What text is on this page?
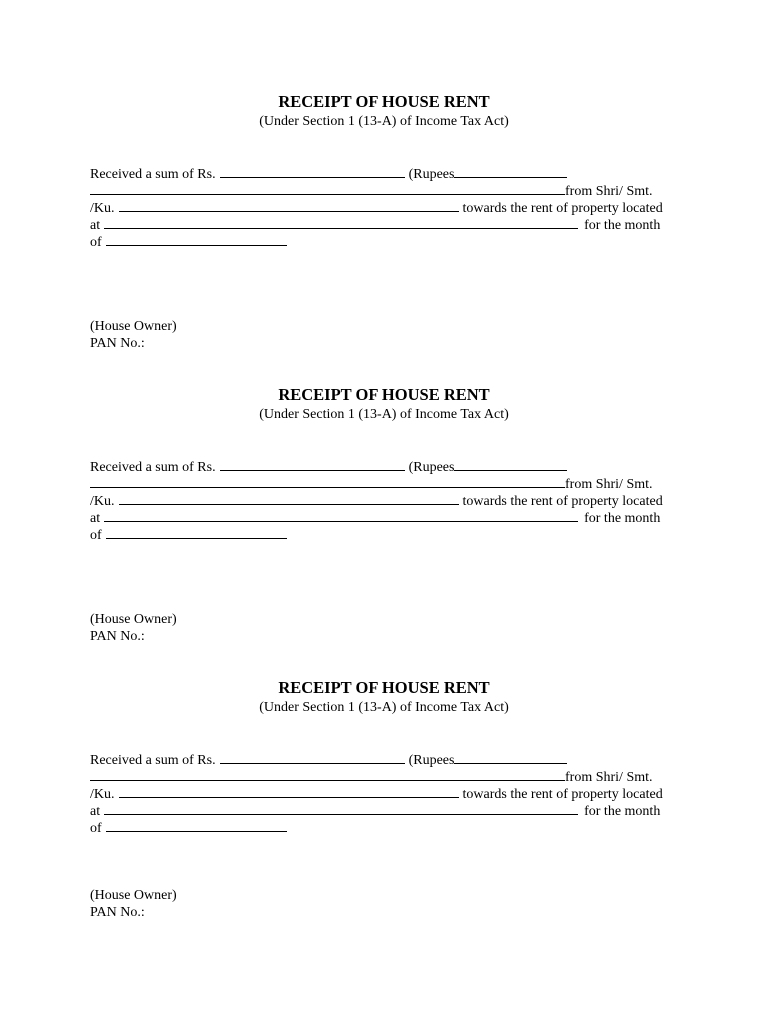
RECEIPT OF HOUSE RENT
(Under Section 1 (13-A) of Income Tax Act)
Received a sum of Rs.	(Rupees
from Shri/ Smt.
/Ku.	towards the rent of property located
at	for the month
of
(House Owner)
PAN No.:
RECEIPT OF HOUSE RENT
(Under Section 1 (13-A) of Income Tax Act)
Received a sum of Rs.	(Rupees
from Shri/ Smt.
/Ku.	towards the rent of property located
at	for the month
of
(House Owner)
PAN No.:
RECEIPT OF HOUSE RENT
(Under Section 1 (13-A) of Income Tax Act)
Received a sum of Rs.	(Rupees
from Shri/ Smt.
/Ku.	towards the rent of property located
at	for the month
of
(House Owner)
PAN No.:
